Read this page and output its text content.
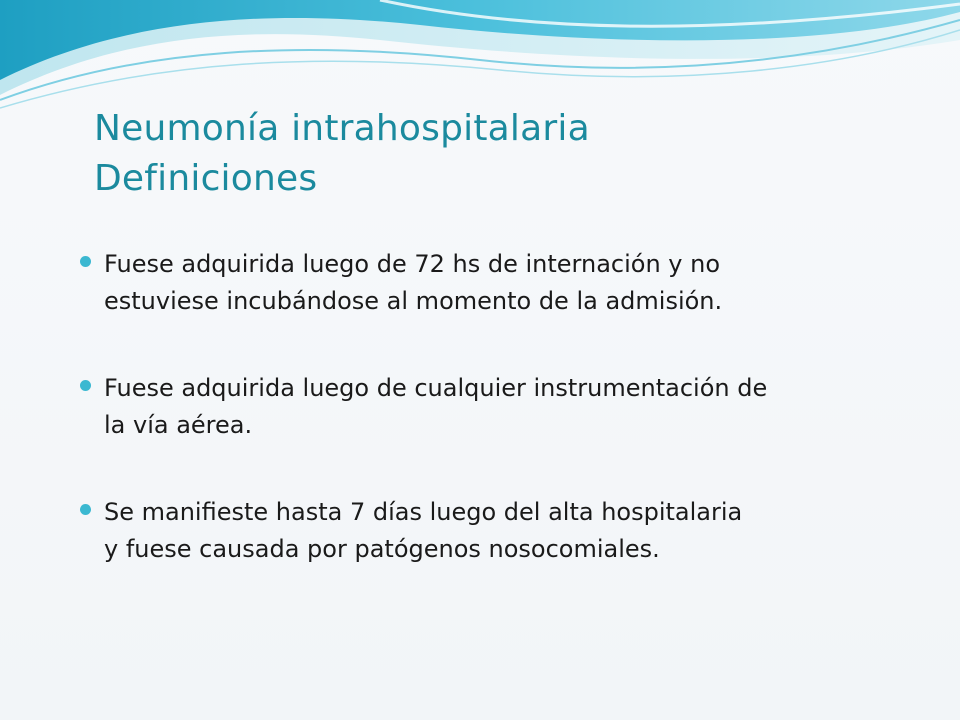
Neumonía intrahospitalaria
Definiciones
Fuese adquirida luego de 72 hs de internación y no
estuviese incubándose al momento de la admisión.
Fuese adquirida luego de cualquier instrumentación de
la vía aérea.
Se manifieste hasta 7 días luego del alta hospitalaria
y fuese causada por patógenos nosocomiales.
